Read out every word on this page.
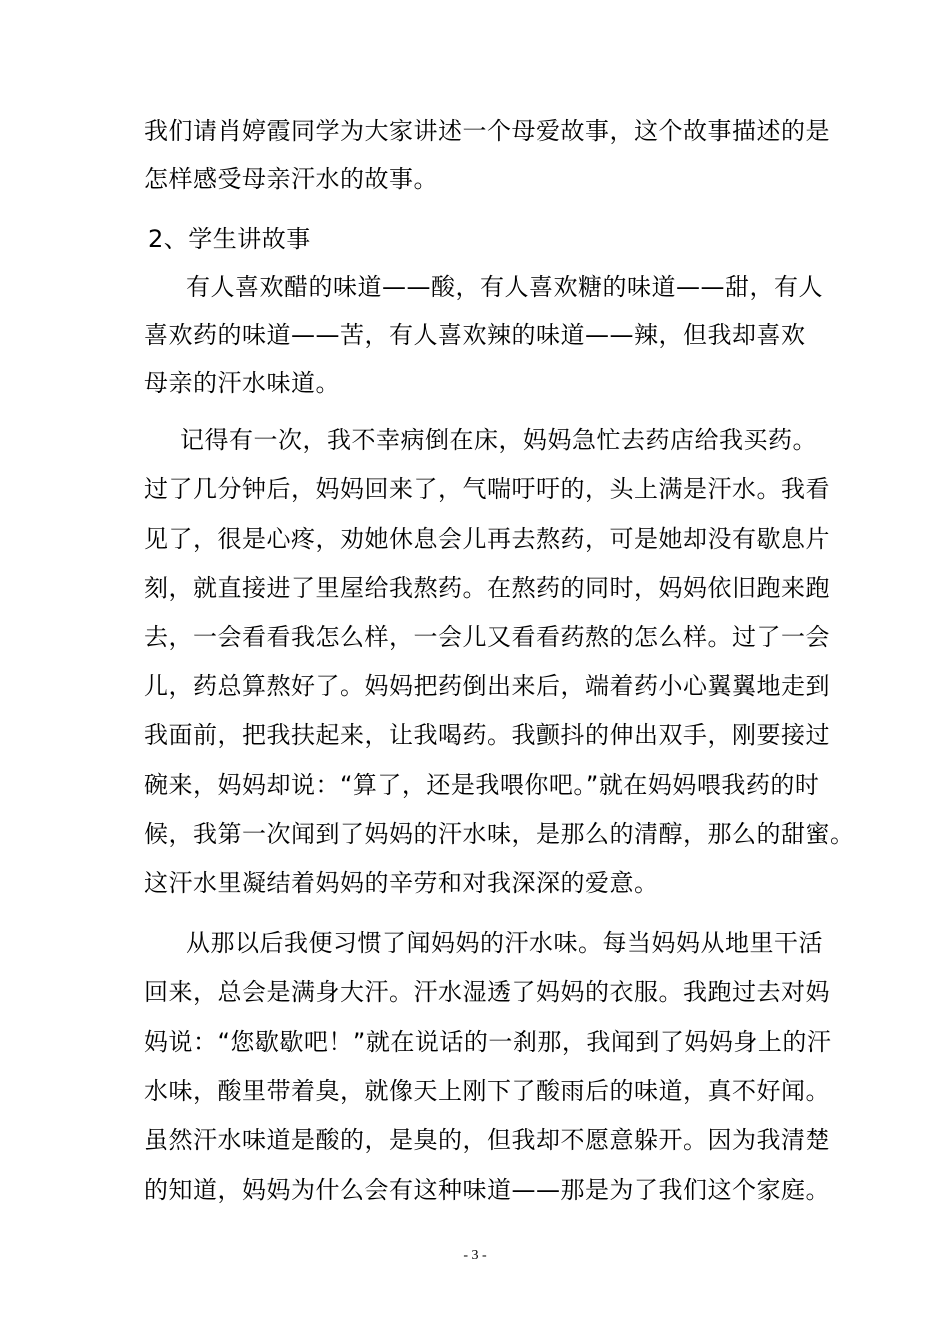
我们请肖婷霞同学为大家讲述一个母爱故事，这个故事描述的是
怎样感受母亲汗水的故事。
2、学生讲故事
有人喜欢醋的味道——酸，有人喜欢糖的味道——甜，有人
喜欢药的味道——苦，有人喜欢辣的味道——辣，但我却喜欢
母亲的汗水味道。
记得有一次，我不幸病倒在床，妈妈急忙去药店给我买药。
过了几分钟后，妈妈回来了，气喘吁吁的，头上满是汗水。我看
见了，很是心疼，劝她休息会儿再去熬药，可是她却没有歇息片
刻，就直接进了里屋给我熬药。在熬药的同时，妈妈依旧跑来跑
去，一会看看我怎么样，一会儿又看看药熬的怎么样。过了一会
儿，药总算熬好了。妈妈把药倒出来后，端着药小心翼翼地走到
我面前，把我扶起来，让我喝药。我颤抖的伸出双手，刚要接过
碗来，妈妈却说：“算了，还是我喂你吧。”就在妈妈喂我药的时
候，我第一次闻到了妈妈的汗水味，是那么的清醇，那么的甜蜜。
这汗水里凝结着妈妈的辛劳和对我深深的爱意。
从那以后我便习惯了闻妈妈的汗水味。每当妈妈从地里干活
回来，总会是满身大汗。汗水湿透了妈妈的衣服。我跑过去对妈
妈说：“您歇歇吧！”就在说话的一刹那，我闻到了妈妈身上的汗
水味，酸里带着臭，就像天上刚下了酸雨后的味道，真不好闻。
虽然汗水味道是酸的，是臭的，但我却不愿意躲开。因为我清楚
的知道，妈妈为什么会有这种味道——那是为了我们这个家庭。
- 3 -
